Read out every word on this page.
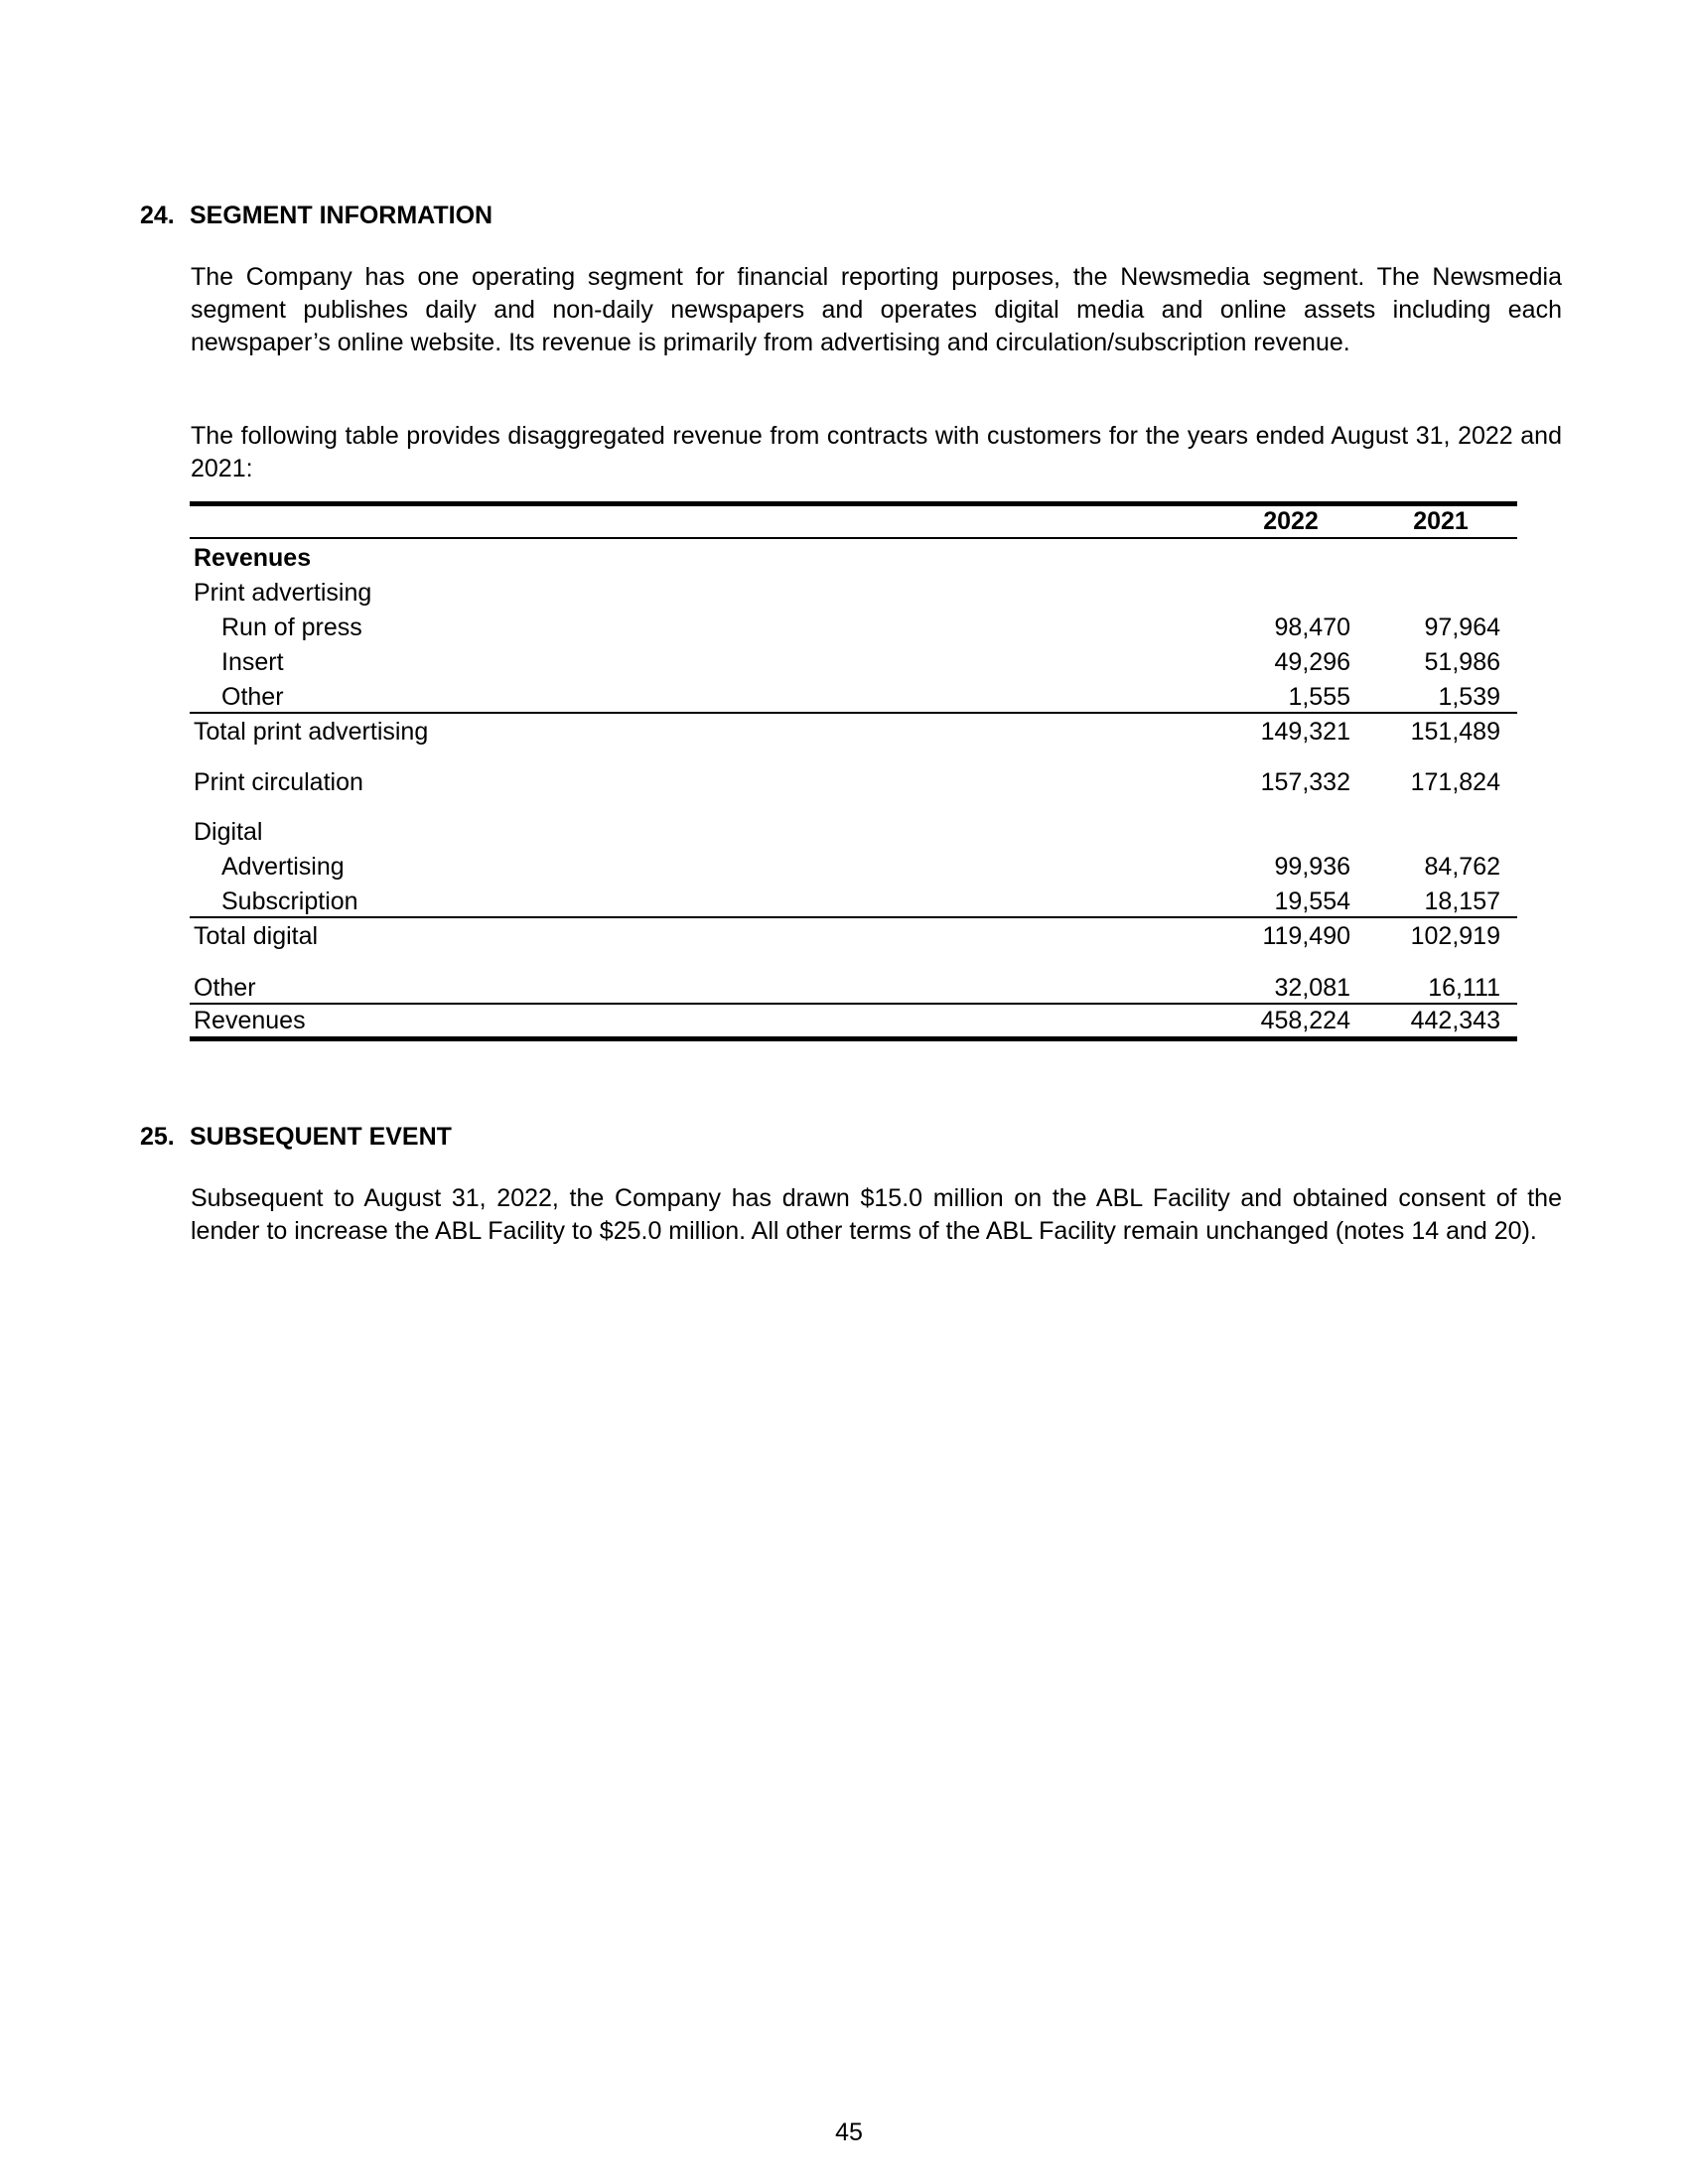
24. SEGMENT INFORMATION
The Company has one operating segment for financial reporting purposes, the Newsmedia segment. The Newsmedia segment publishes daily and non-daily newspapers and operates digital media and online assets including each newspaper’s online website. Its revenue is primarily from advertising and circulation/subscription revenue.
The following table provides disaggregated revenue from contracts with customers for the years ended August 31, 2022 and 2021:
2022	2021
Revenues
Print advertising
Run of press	98,470	97,964
Insert	49,296	51,986
Other	1,555	1,539
Total print advertising	149,321 151,489
Print circulation	157,332 171,824
Digital
Advertising	99,936	84,762
Subscription	19,554	18,157
Total digital	119,490 102,919
Other	32,081	16,111
Revenues	458,224 442,343
25. SUBSEQUENT EVENT
Subsequent to August 31, 2022, the Company has drawn $15.0 million on the ABL Facility and obtained consent of the lender to increase the ABL Facility to $25.0 million. All other terms of the ABL Facility remain unchanged (notes 14 and 20).
45
